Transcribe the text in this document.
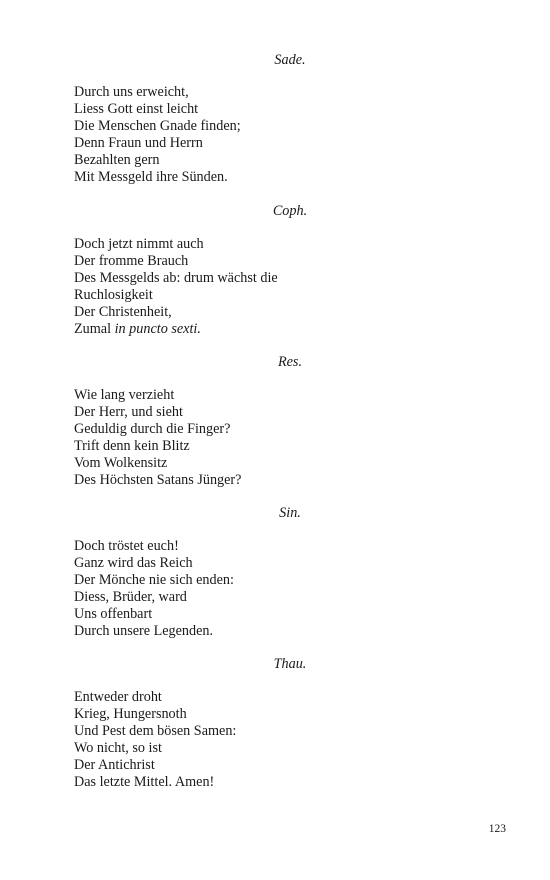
Sade.
Durch uns erweicht,
Liess Gott einst leicht
Die Menschen Gnade finden;
Denn Fraun und Herrn
Bezahlten gern
Mit Messgeld ihre Sünden.
Coph.
Doch jetzt nimmt auch
Der fromme Brauch
Des Messgelds ab: drum wächst die
Ruchlosigkeit
Der Christenheit,
Zumal in puncto sexti.
Res.
Wie lang verzieht
Der Herr, und sieht
Geduldig durch die Finger?
Trift denn kein Blitz
Vom Wolkensitz
Des Höchsten Satans Jünger?
Sin.
Doch tröstet euch!
Ganz wird das Reich
Der Mönche nie sich enden:
Diess, Brüder, ward
Uns offenbart
Durch unsere Legenden.
Thau.
Entweder droht
Krieg, Hungersnoth
Und Pest dem bösen Samen:
Wo nicht, so ist
Der Antichrist
Das letzte Mittel. Amen!
123
